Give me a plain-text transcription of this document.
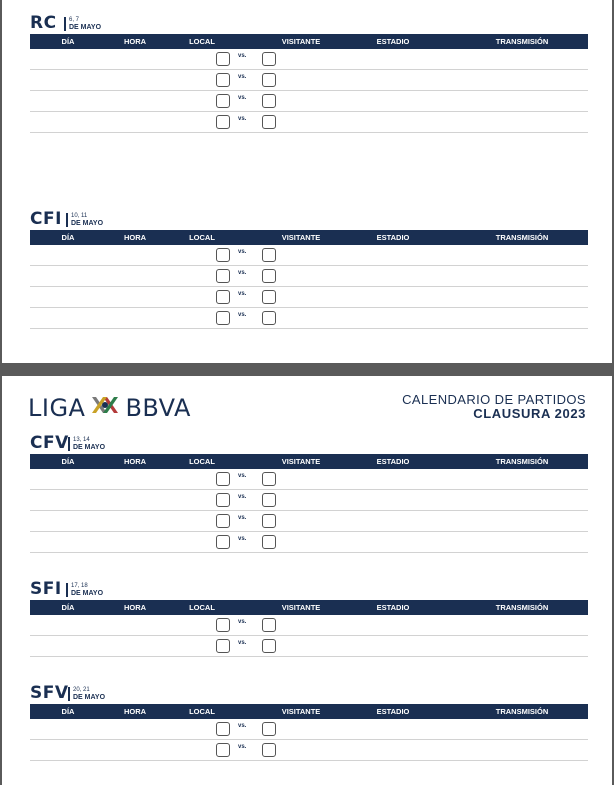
RC	6, 7

DE MAYO
DÍA	HORA	LOCAL	VISITANTE	ESTADIO	TRANSMISIÓN
vs.
vs.
vs.
vs.
CFI	10, 11

DE MAYO
DÍA	HORA	LOCAL	VISITANTE	ESTADIO	TRANSMISIÓN
vs.
vs.
vs.
vs.
LIGA BBVA	CALENDARIO DE PARTIDOS
CLAUSURA 2023
CFV 13, 14

DE MAYO
DÍA	HORA	LOCAL	VISITANTE	ESTADIO	TRANSMISIÓN
vs.
vs.
vs.
vs.
SFI	17, 18

DE MAYO
DÍA	HORA	LOCAL	VISITANTE	ESTADIO	TRANSMISIÓN
vs.
vs.
SFV 20, 21

DE MAYO
DÍA	HORA	LOCAL	VISITANTE	ESTADIO	TRANSMISIÓN
vs.
vs.
